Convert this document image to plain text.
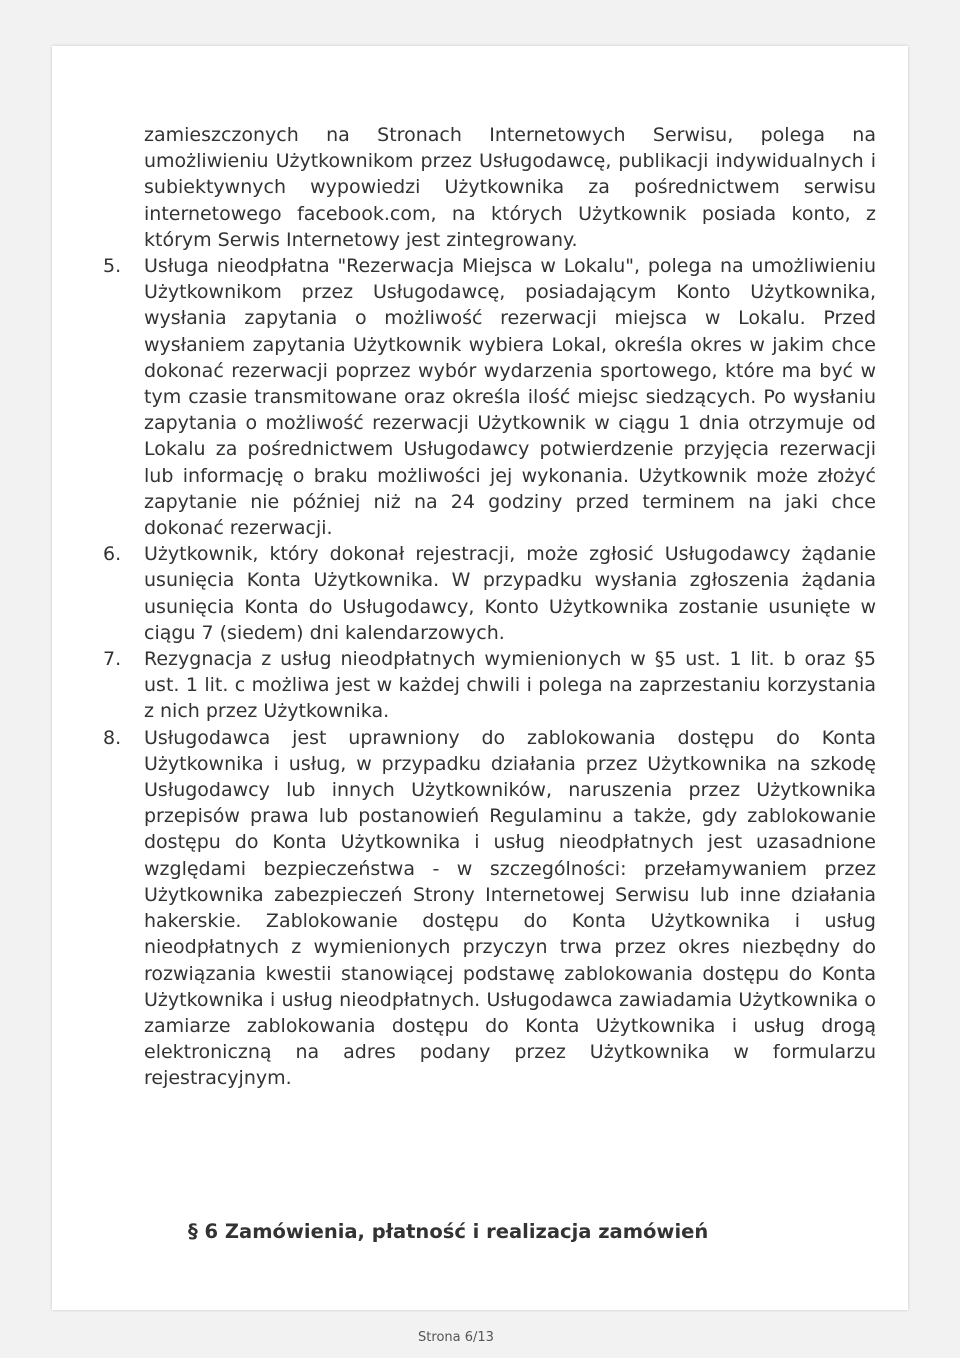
zamieszczonych na Stronach Internetowych Serwisu, polega na umożliwieniu Użytkownikom przez Usługodawcę, publikacji indywidualnych i subiektywnych wypowiedzi Użytkownika za pośrednictwem serwisu internetowego facebook.com, na których Użytkownik posiada konto, z którym Serwis Internetowy jest zintegrowany.

5. Usługa nieodpłatna "Rezerwacja Miejsca w Lokalu", polega na umożliwieniu Użytkownikom przez Usługodawcę, posiadającym Konto Użytkownika, wysłania zapytania o możliwość rezerwacji miejsca w Lokalu. Przed wysłaniem zapytania Użytkownik wybiera Lokal, określa okres w jakim chce dokonać rezerwacji poprzez wybór wydarzenia sportowego, które ma być w tym czasie transmitowane oraz określa ilość miejsc siedzących. Po wysłaniu zapytania o możliwość rezerwacji Użytkownik w ciągu 1 dnia otrzymuje od Lokalu za pośrednictwem Usługodawcy potwierdzenie przyjęcia rezerwacji lub informację o braku możliwości jej wykonania. Użytkownik może złożyć zapytanie nie później niż na 24 godziny przed terminem na jaki chce dokonać rezerwacji.
6. Użytkownik, który dokonał rejestracji, może zgłosić Usługodawcy żądanie usunięcia Konta Użytkownika. W przypadku wysłania zgłoszenia żądania usunięcia Konta do Usługodawcy, Konto Użytkownika zostanie usunięte w ciągu 7 (siedem) dni kalendarzowych.
7. Rezygnacja z usług nieodpłatnych wymienionych w §5 ust. 1 lit. b oraz §5 ust. 1 lit. c możliwa jest w każdej chwili i polega na zaprzestaniu korzystania z nich przez Użytkownika.
8. Usługodawca jest uprawniony do zablokowania dostępu do Konta Użytkownika i usług, w przypadku działania przez Użytkownika na szkodę Usługodawcy lub innych Użytkowników, naruszenia przez Użytkownika przepisów prawa lub postanowień Regulaminu a także, gdy zablokowanie dostępu do Konta Użytkownika i usług nieodpłatnych jest uzasadnione względami bezpieczeństwa - w szczególności: przełamywaniem przez Użytkownika zabezpieczeń Strony Internetowej Serwisu lub inne działania hakerskie. Zablokowanie dostępu do Konta Użytkownika i usług nieodpłatnych z wymienionych przyczyn trwa przez okres niezbędny do rozwiązania kwestii stanowiącej podstawę zablokowania dostępu do Konta Użytkownika i usług nieodpłatnych. Usługodawca zawiadamia Użytkownika o zamiarze zablokowania dostępu do Konta Użytkownika i usług drogą elektroniczną na adres podany przez Użytkownika w formularzu rejestracyjnym.
§ 6 Zamówienia, płatność i realizacja zamówień
Strona 6/13
